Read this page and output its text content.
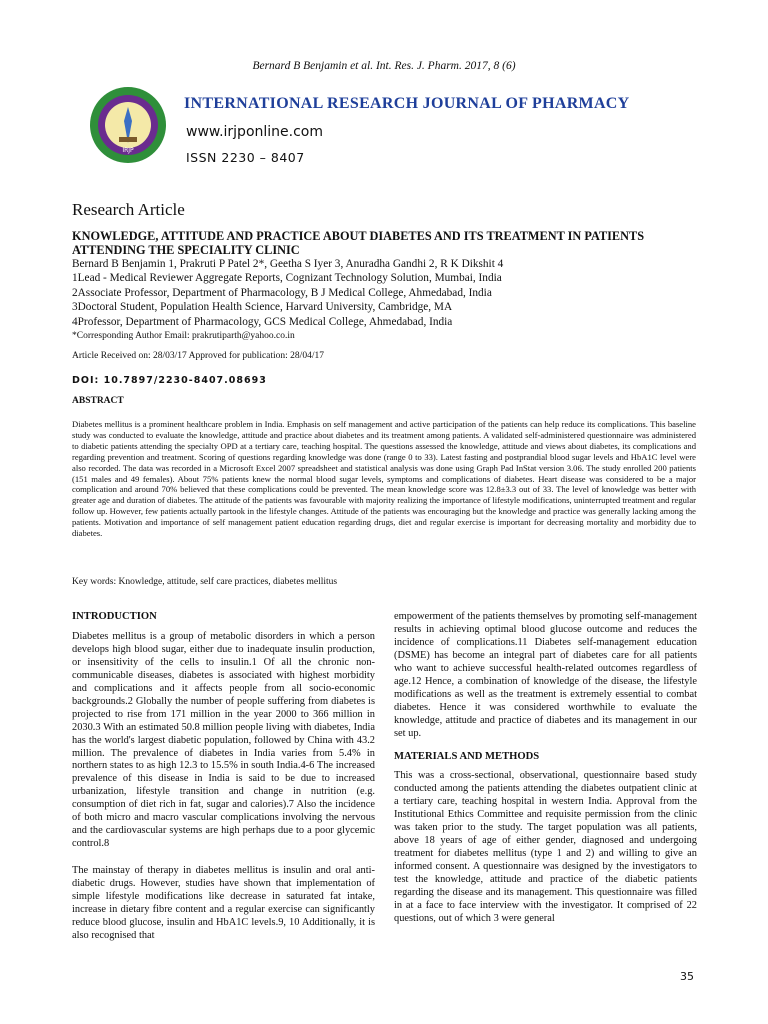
Bernard B Benjamin et al. Int. Res. J. Pharm. 2017, 8 (6)
IRJP
INTERNATIONAL RESEARCH JOURNAL OF PHARMACY
www.irjponline.com
ISSN 2230 – 8407
Research Article
KNOWLEDGE, ATTITUDE AND PRACTICE ABOUT DIABETES AND ITS TREATMENT IN PATIENTS ATTENDING THE SPECIALITY CLINIC
Bernard B Benjamin 1, Prakruti P Patel 2*, Geetha S Iyer 3, Anuradha Gandhi 2, R K Dikshit 4
1Lead - Medical Reviewer Aggregate Reports, Cognizant Technology Solution, Mumbai, India
2Associate Professor, Department of Pharmacology, B J Medical College, Ahmedabad, India
3Doctoral Student, Population Health Science, Harvard University, Cambridge, MA
4Professor, Department of Pharmacology, GCS Medical College, Ahmedabad, India
*Corresponding Author Email: prakrutiparth@yahoo.co.in
Article Received on: 28/03/17 Approved for publication: 28/04/17
DOI: 10.7897/2230-8407.08693
ABSTRACT
Diabetes mellitus is a prominent healthcare problem in India. Emphasis on self management and active participation of the patients can help reduce its complications. This baseline study was conducted to evaluate the knowledge, attitude and practice about diabetes and its treatment among patients. A validated self-administered questionnaire was administered to diabetic patients attending the specialty OPD at a tertiary care, teaching hospital. The questions assessed the knowledge, attitude and views about diabetes, its complications and regarding prevention and treatment. Scoring of questions regarding knowledge was done (range 0 to 33). Latest fasting and postprandial blood sugar levels and HbA1C level were also recorded. The data was recorded in a Microsoft Excel 2007 spreadsheet and statistical analysis was done using Graph Pad InStat version 3.06. The study enrolled 200 patients (151 males and 49 females). About 75% patients knew the normal blood sugar levels, symptoms and complications of diabetes. Heart disease was considered to be a major complication and around 70% believed that these complications could be prevented. The mean knowledge score was 12.8±3.3 out of 33. The level of knowledge was better with greater age and duration of diabetes. The attitude of the patients was favourable with majority realizing the importance of lifestyle modifications, uninterrupted treatment and regular follow up. However, few patients actually partook in the lifestyle changes. Attitude of the patients was encouraging but the knowledge and practice was generally lacking among the patients. Motivation and importance of self management patient education regarding drugs, diet and regular exercise is important for decreasing mortality and morbidity due to diabetes.
Key words: Knowledge, attitude, self care practices, diabetes mellitus
INTRODUCTION

Diabetes mellitus is a group of metabolic disorders in which a person develops high blood sugar, either due to inadequate insulin production, or insensitivity of the cells to insulin.1 Of all the chronic non-communicable diseases, diabetes is associated with highest morbidity and complications and it affects people from all socio-economic backgrounds.2 Globally the number of people suffering from diabetes is projected to rise from 171 million in the year 2000 to 366 million in 2030.3 With an estimated 50.8 million people living with diabetes, India has the world's largest diabetic population, followed by China with 43.2 million. The prevalence of diabetes in India varies from 5.4% in northern states to as high 12.3 to 15.5% in south India.4-6 The increased prevalence of this disease in India is said to be due to increased urbanization, lifestyle transition and change in nutrition (e.g. consumption of diet rich in fat, sugar and calories).7 Also the incidence of both micro and macro vascular complications involving the nervous and the cardiovascular systems are high perhaps due to a poor glycemic control.8

The mainstay of therapy in diabetes mellitus is insulin and oral anti-diabetic drugs. However, studies have shown that implementation of simple lifestyle modifications like decrease in saturated fat intake, increase in dietary fibre content and a regular exercise can significantly reduce blood glucose, insulin and HbA1C levels.9, 10 Additionally, it is also recognised that

empowerment of the patients themselves by promoting self-management results in achieving optimal blood glucose outcome and reduces the incidence of complications.11 Diabetes self-management education (DSME) has become an integral part of diabetes care for all patients who want to achieve successful health-related outcomes regardless of age.12 Hence, a combination of knowledge of the disease, the lifestyle modifications as well as the treatment is extremely essential to combat diabetes. Hence it was considered worthwhile to evaluate the knowledge, attitude and practice of diabetes and its management in our set up.

MATERIALS AND METHODS

This was a cross-sectional, observational, questionnaire based study conducted among the patients attending the diabetes outpatient clinic at a tertiary care, teaching hospital in western India. Approval from the Institutional Ethics Committee and requisite permission from the clinic was taken prior to the study. The target population was all patients, above 18 years of age of either gender, diagnosed and undergoing treatment for diabetes mellitus (type 1 and 2) and willing to give an informed consent. A questionnaire was designed by the investigators to test the knowledge, attitude and practice of the diabetic patients regarding the disease and its management. This questionnaire was filled in at a face to face interview with the investigator. It comprised of 22 questions, out of which 3 were general

35
